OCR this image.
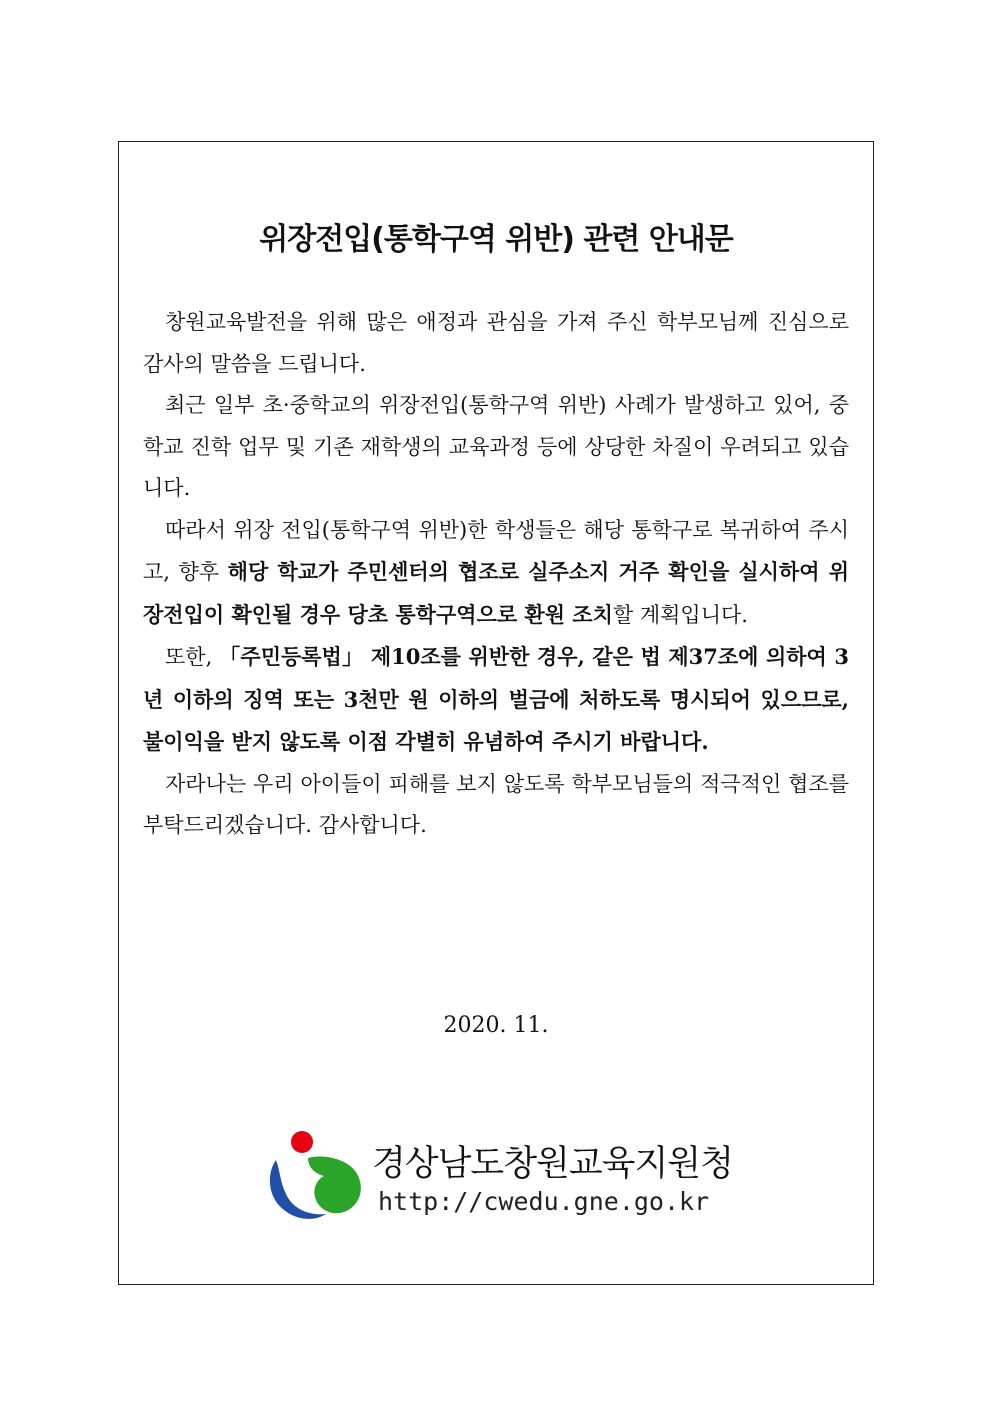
위장전입(통학구역 위반) 관련 안내문

창원교육발전을 위해 많은 애정과 관심을 가져 주신 학부모님께 진심으로 감사의 말씀을 드립니다.

최근 일부 초·중학교의 위장전입(통학구역 위반) 사례가 발생하고 있어, 중학교 진학 업무 및 기존 재학생의 교육과정 등에 상당한 차질이 우려되고 있습니다.

따라서 위장 전입(통학구역 위반)한 학생들은 해당 통학구로 복귀하여 주시고, 향후 해당 학교가 주민센터의 협조로 실주소지 거주 확인을 실시하여 위장전입이 확인될 경우 당초 통학구역으로 환원 조치할 계획입니다.

또한, 「주민등록법」 제10조를 위반한 경우, 같은 법 제37조에 의하여 3년 이하의 징역 또는 3천만 원 이하의 벌금에 처하도록 명시되어 있으므로, 불이익을 받지 않도록 이점 각별히 유념하여 주시기 바랍니다.

자라나는 우리 아이들이 피해를 보지 않도록 학부모님들의 적극적인 협조를 부탁드리겠습니다. 감사합니다.

2020. 11.
경상남도창원교육지원청
http://cwedu.gne.go.kr
